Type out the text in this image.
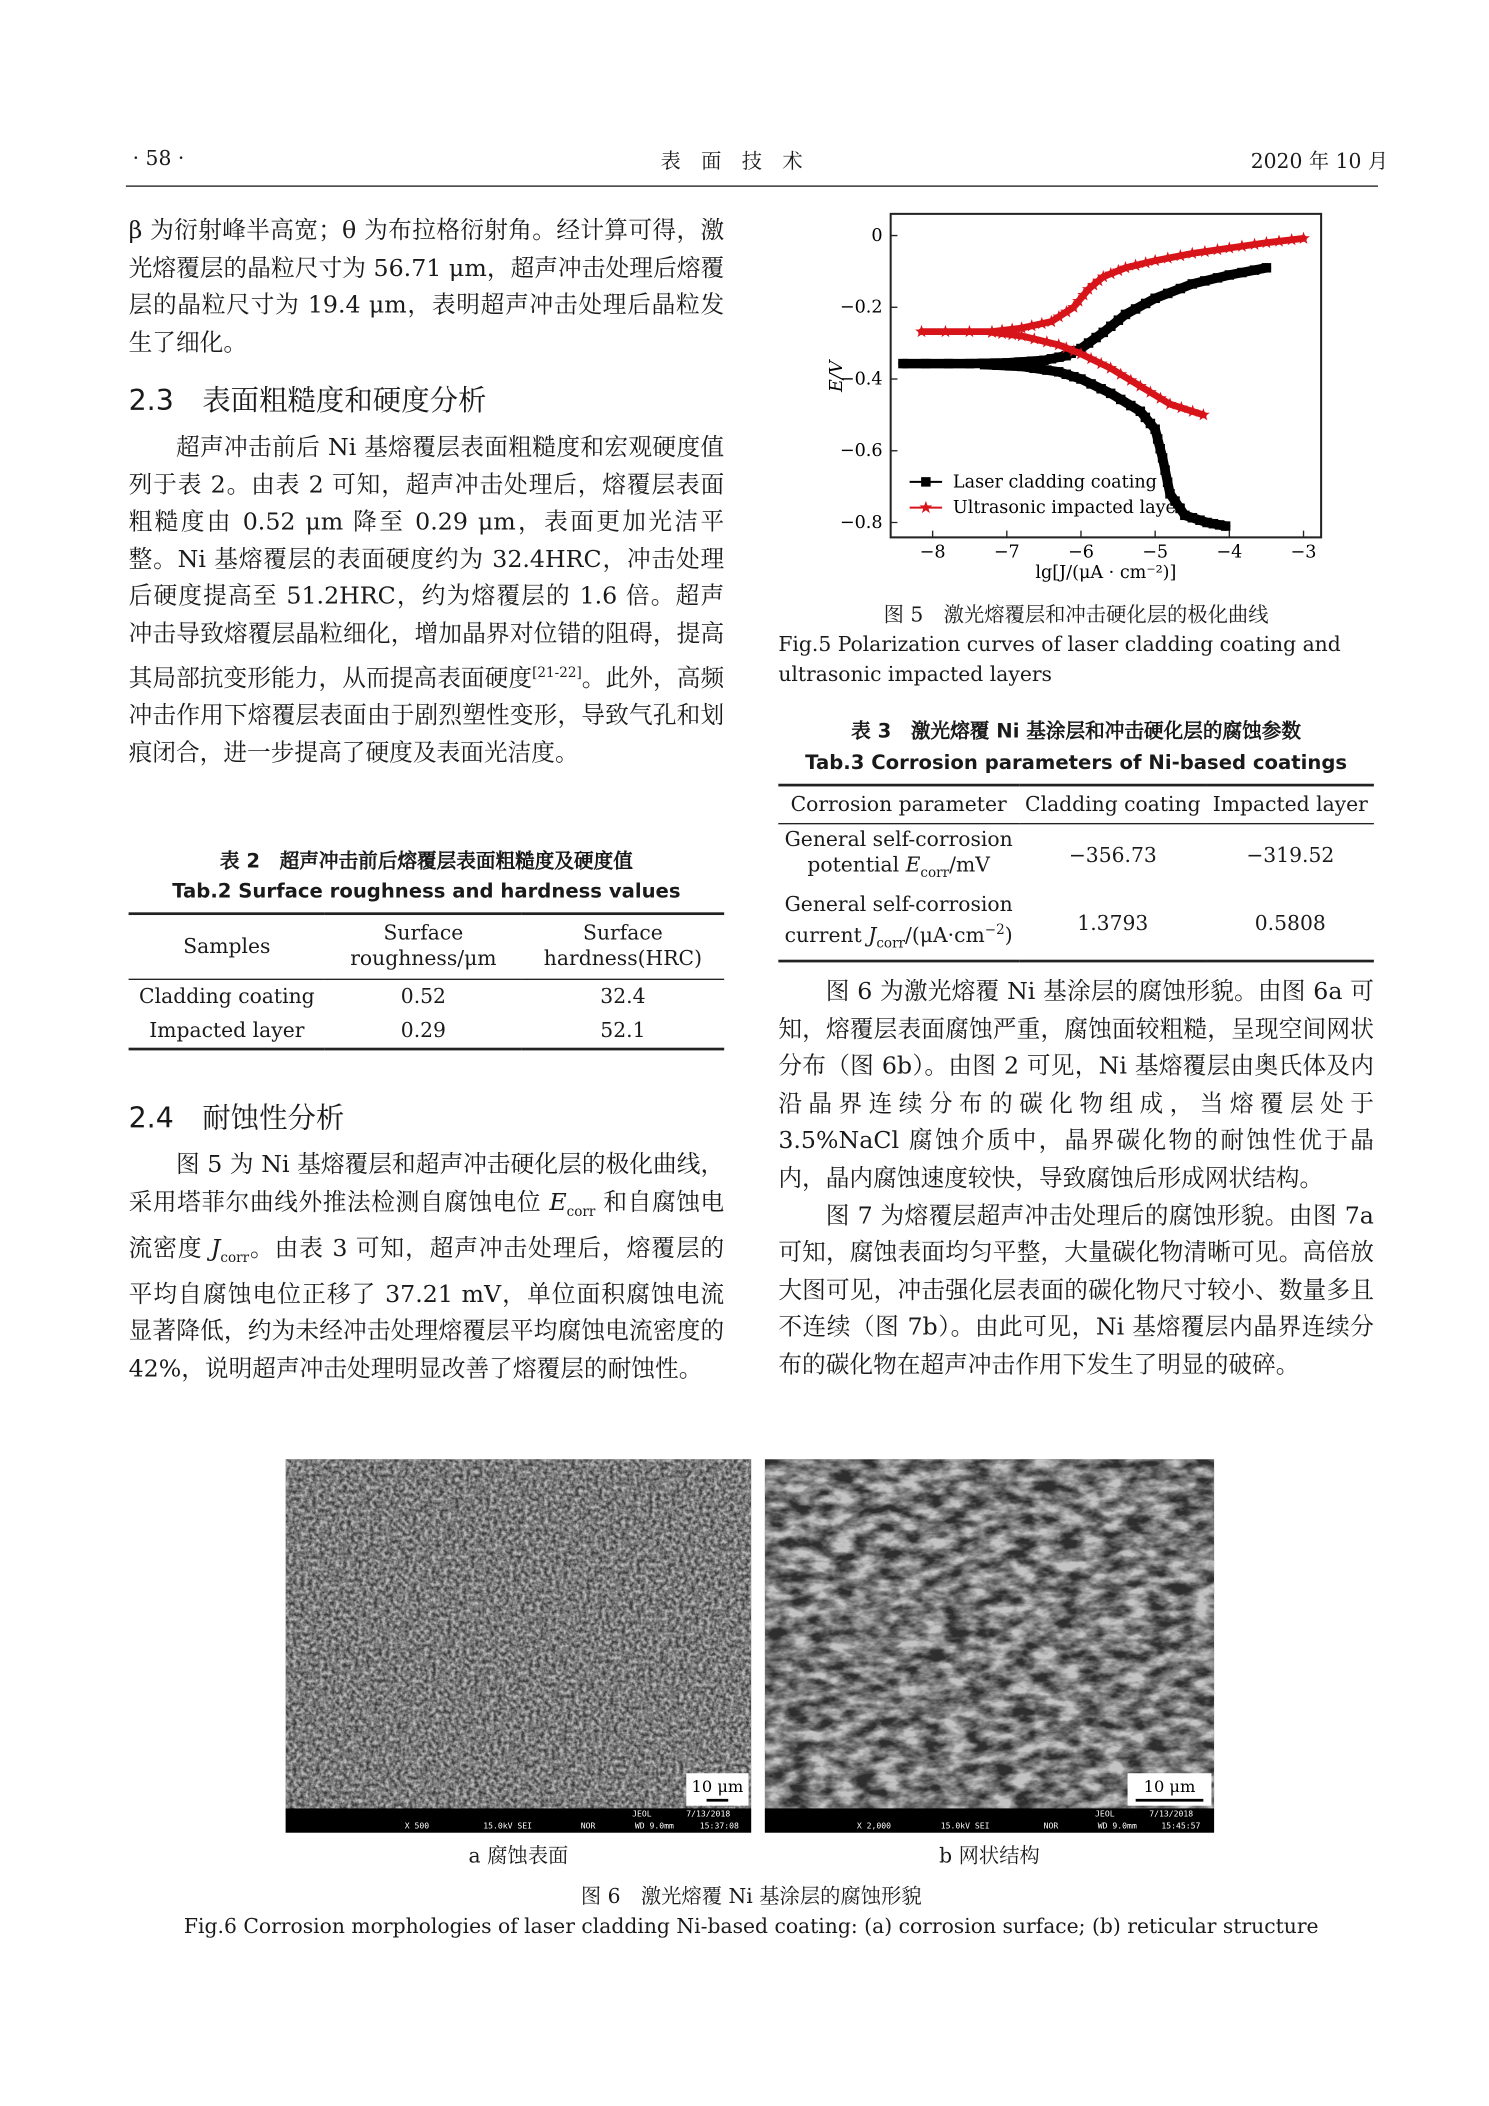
· 58 ·	表　面　技　术	2020 年 10 月

β 为衍射峰半高宽；θ 为布拉格衍射角。经计算可得，激光熔覆层的晶粒尺寸为 56.71 μm，超声冲击处理后熔覆层的晶粒尺寸为 19.4 μm，表明超声冲击处理后晶粒发生了细化。

2.3　表面粗糙度和硬度分析

超声冲击前后 Ni 基熔覆层表面粗糙度和宏观硬度值列于表 2。由表 2 可知，超声冲击处理后，熔覆层表面粗糙度由 0.52 μm 降至 0.29 μm，表面更加光洁平整。Ni 基熔覆层的表面硬度约为 32.4HRC，冲击处理后硬度提高至 51.2HRC，约为熔覆层的 1.6 倍。超声冲击导致熔覆层晶粒细化，增加晶界对位错的阻碍，提高其局部抗变形能力，从而提高表面硬度[21-22]。此外，高频冲击作用下熔覆层表面由于剧烈塑性变形，导致气孔和划痕闭合，进一步提高了硬度及表面光洁度。

表 2　超声冲击前后熔覆层表面粗糙度及硬度值
Tab.2 Surface roughness and hardness values
Samples	Surface roughness/μm	Surface hardness(HRC)
Cladding coating	0.52	32.4
Impacted layer	0.29	52.1
2.4　耐蚀性分析

图 5 为 Ni 基熔覆层和超声冲击硬化层的极化曲线，采用塔菲尔曲线外推法检测自腐蚀电位 $E_{corr}$ 和自腐蚀电流密度 $J_{corr}$。由表 3 可知，超声冲击处理后，熔覆层的平均自腐蚀电位正移了 37.21 mV，单位面积腐蚀电流显著降低，约为未经冲击处理熔覆层平均腐蚀电流密度的 42%，说明超声冲击处理明显改善了熔覆层的耐蚀性。

−8	−7	−6	−5	−4	−3
0
−0.2
−0.4
−0.6
−0.8
lg[J/(μA · cm⁻²)]
E/V
Laser cladding coating
Ultrasonic impacted layer
图 5　激光熔覆层和冲击硬化层的极化曲线
Fig.5 Polarization curves of laser cladding coating and ultrasonic impacted layers
表 3　激光熔覆 Ni 基涂层和冲击硬化层的腐蚀参数
Tab.3 Corrosion parameters of Ni-based coatings
Corrosion parameter	Cladding coating	Impacted layer
General self-corrosion
potential $E_{corr}/mV$	−356.73	−319.52
General self-corrosion
current $J_{corr}/(\mu A\cdot cm^{-2})$	1.3793	0.5808

图 6 为激光熔覆 Ni 基涂层的腐蚀形貌。由图 6a 可知，熔覆层表面腐蚀严重，腐蚀面较粗糙，呈现空间网状分布（图 6b）。由图 2 可见，Ni 基熔覆层由奥氏体及内沿晶界连续分布的碳化物组成，当熔覆层处于 3.5%NaCl 腐蚀介质中，晶界碳化物的耐蚀性优于晶内，晶内腐蚀速度较快，导致腐蚀后形成网状结构。

图 7 为熔覆层超声冲击处理后的腐蚀形貌。由图 7a 可知，腐蚀表面均匀平整，大量碳化物清晰可见。高倍放大图可见，冲击强化层表面的碳化物尺寸较小、数量多且不连续（图 7b）。由此可见，Ni 基熔覆层内晶界连续分布的碳化物在超声冲击作用下发生了明显的破碎。

10 μm
JEOL	7/13/2018
X 500	15.0kV SEI	NOR	WD 9.0mm	15:37:08
10 μm
JEOL	7/13/2018
X 2,000	15.0kV SEI	NOR	WD 9.0mm	15:45:57
a 腐蚀表面	b 网状结构
图 6　激光熔覆 Ni 基涂层的腐蚀形貌
Fig.6 Corrosion morphologies of laser cladding Ni-based coating: (a) corrosion surface; (b) reticular structure
